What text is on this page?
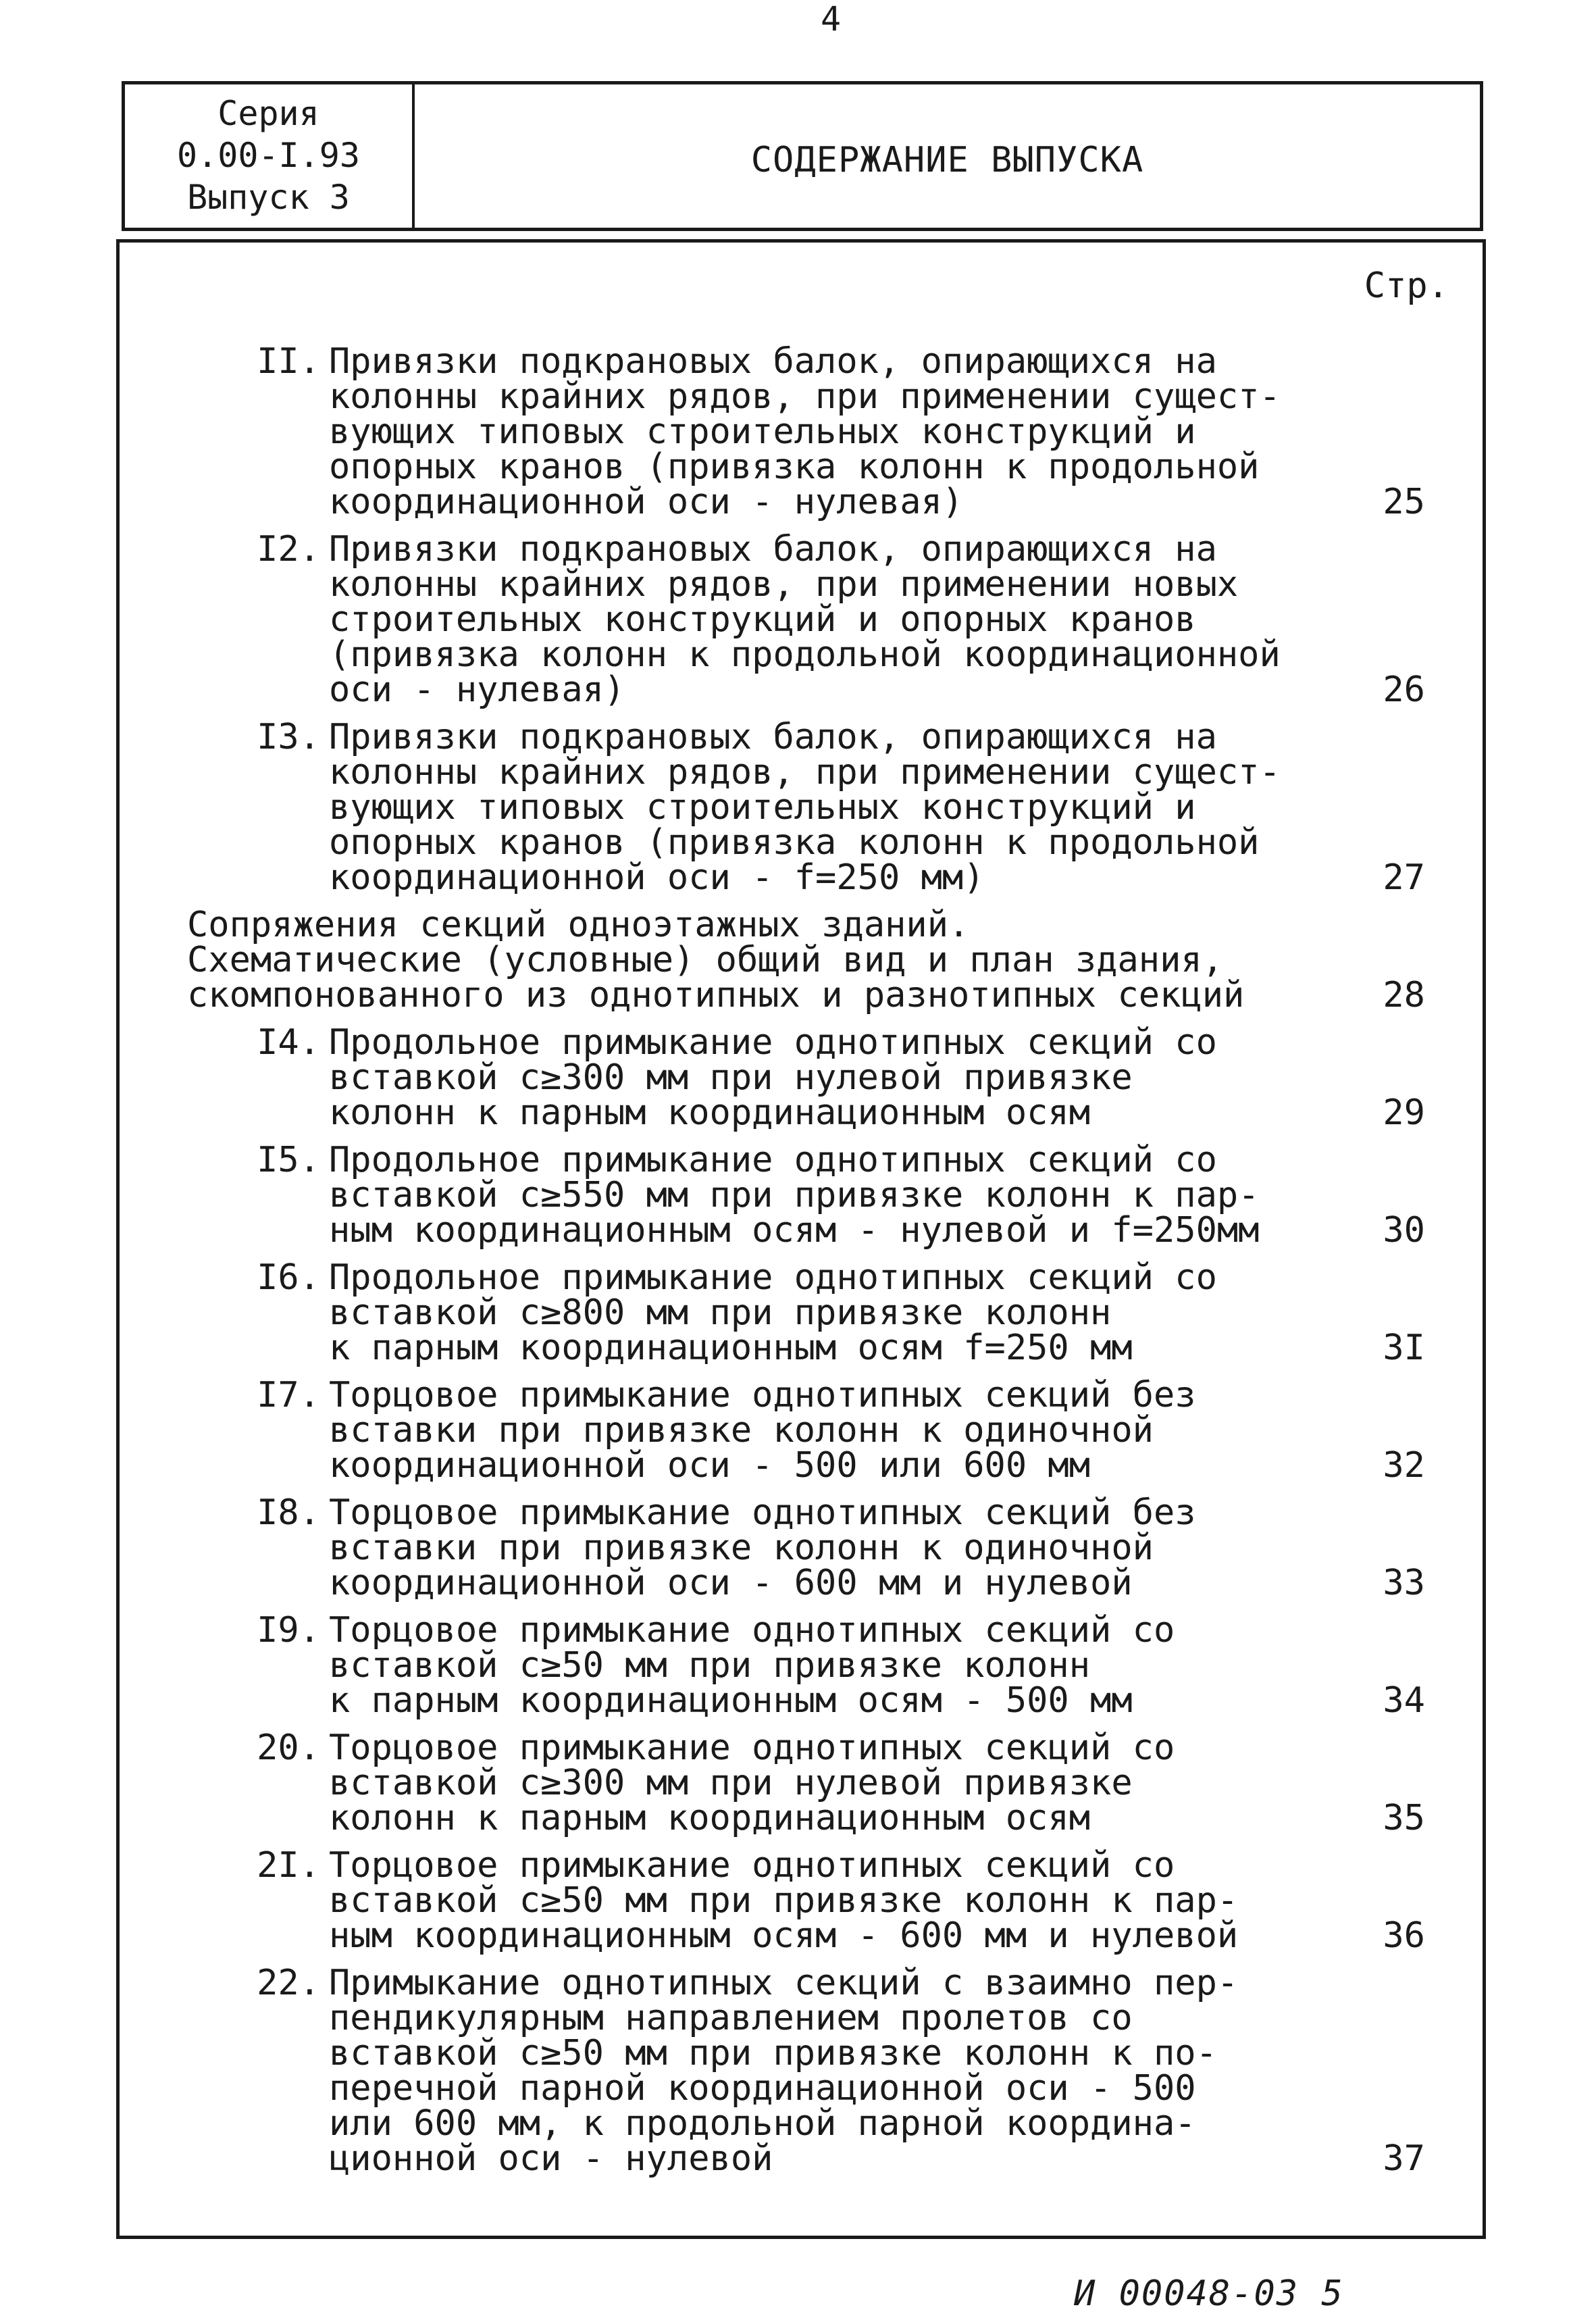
4
Серия
0.00-I.93
Выпуск 3
СОДЕРЖАНИЕ ВЫПУСКА
Стр.
II. Привязки подкрановых балок, опирающихся на
колонны крайних рядов, при применении сущест-
вующих типовых строительных конструкций и
опорных кранов (привязка колонн к продольной
координационной оси - нулевая)	25
I2. Привязки подкрановых балок, опирающихся на
колонны крайних рядов, при применении новых
строительных конструкций и опорных кранов
(привязка колонн к продольной координационной
оси - нулевая)	26
I3. Привязки подкрановых балок, опирающихся на
колонны крайних рядов, при применении сущест-
вующих типовых строительных конструкций и
опорных кранов (привязка колонн к продольной
координационной оси - f=250 мм)	27
Сопряжения секций одноэтажных зданий.
Схематические (условные) общий вид и план здания,
скомпонованного из однотипных и разнотипных секций	28
I4. Продольное примыкание однотипных секций со
вставкой c≥300 мм при нулевой привязке
колонн к парным координационным осям	29
I5. Продольное примыкание однотипных секций со
вставкой c≥550 мм при привязке колонн к пар-
ным координационным осям - нулевой и f=250мм	30
I6. Продольное примыкание однотипных секций со
вставкой c≥800 мм при привязке колонн
к парным координационным осям f=250 мм	3I
I7. Торцовое примыкание однотипных секций без
вставки при привязке колонн к одиночной
координационной оси - 500 или 600 мм	32
I8. Торцовое примыкание однотипных секций без
вставки при привязке колонн к одиночной
координационной оси - 600 мм и нулевой	33
I9. Торцовое примыкание однотипных секций со
вставкой c≥50 мм при привязке колонн
к парным координационным осям - 500 мм	34
20. Торцовое примыкание однотипных секций со
вставкой c≥300 мм при нулевой привязке
колонн к парным координационным осям	35
2I. Торцовое примыкание однотипных секций со
вставкой c≥50 мм при привязке колонн к пар-
ным координационным осям - 600 мм и нулевой	36
22. Примыкание однотипных секций с взаимно пер-
пендикулярным направлением пролетов со
вставкой c≥50 мм при привязке колонн к по-
перечной парной координационной оси - 500
или 600 мм, к продольной парной координа-
ционной оси - нулевой	37
И 00048-03 5
